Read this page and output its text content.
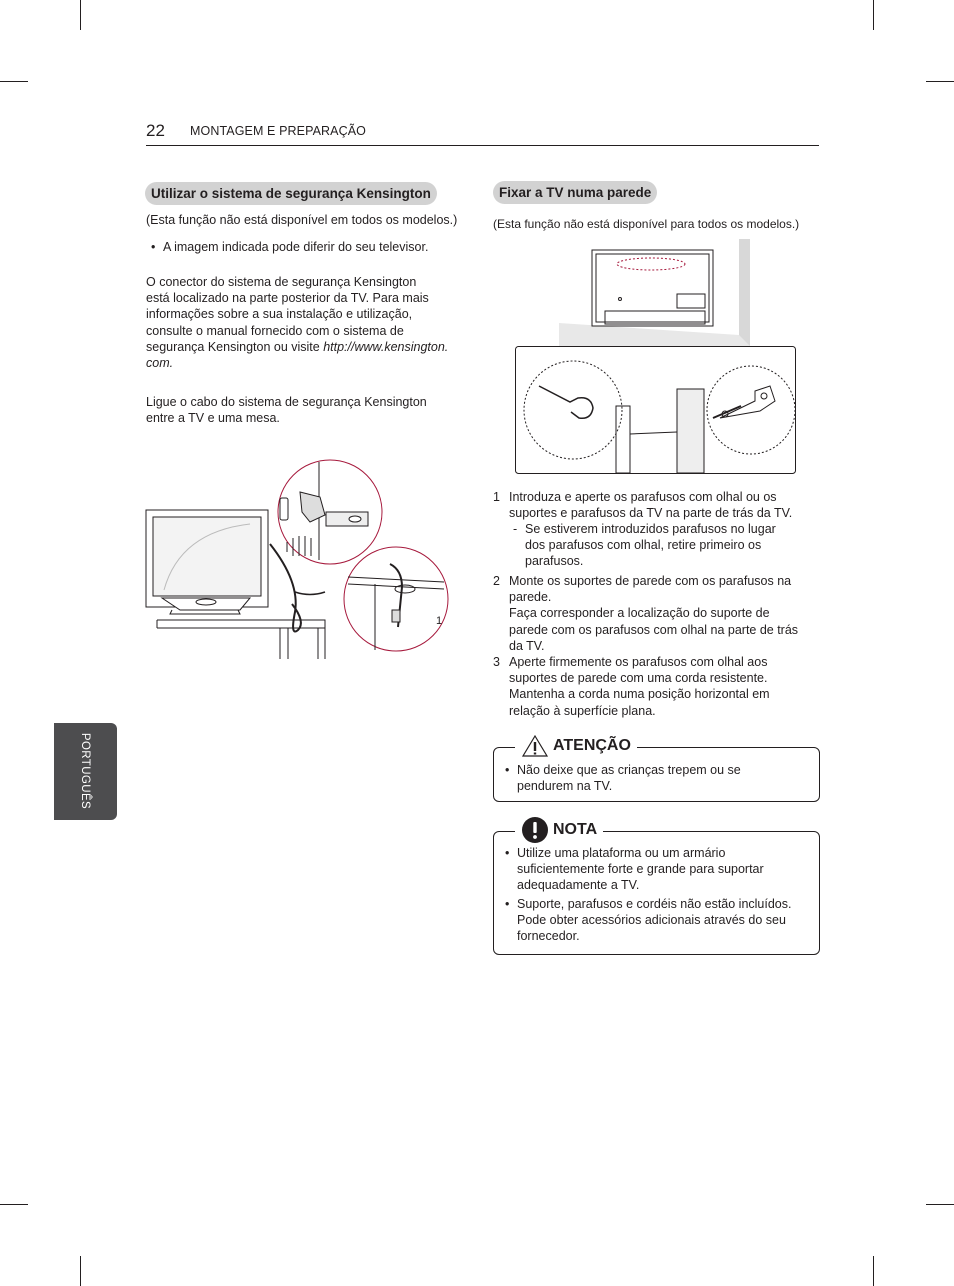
22 MONTAGEM E PREPARAÇÃO
PORTUGUÊS
Utilizar o sistema de segurança Kensington
(Esta função não está disponível em todos os modelos.)
• A imagem indicada pode diferir do seu televisor.
O conector do sistema de segurança Kensington
está localizado na parte posterior da TV. Para mais
informações sobre a sua instalação e utilização,
consulte o manual fornecido com o sistema de
segurança Kensington ou visite http://www.kensington.
com.
Ligue o cabo do sistema de segurança Kensington
entre a TV e uma mesa.
1
Fixar a TV numa parede
(Esta função não está disponível para todos os modelos.)
1 Introduza e aperte os parafusos com olhal ou os
suportes e parafusos da TV na parte de trás da TV.
- Se estiverem introduzidos parafusos no lugar
dos parafusos com olhal, retire primeiro os
parafusos.
2 Monte os suportes de parede com os parafusos na
parede.
Faça corresponder a localização do suporte de
parede com os parafusos com olhal na parte de trás
da TV.
3 Aperte firmemente os parafusos com olhal aos
suportes de parede com uma corda resistente.
Mantenha a corda numa posição horizontal em
relação à superfície plana.
ATENÇÃO
• Não deixe que as crianças trepem ou se
pendurem na TV.
NOTA
• Utilize uma plataforma ou um armário
suficientemente forte e grande para suportar
adequadamente a TV.
• Suporte, parafusos e cordéis não estão incluídos.
Pode obter acessórios adicionais através do seu
fornecedor.
